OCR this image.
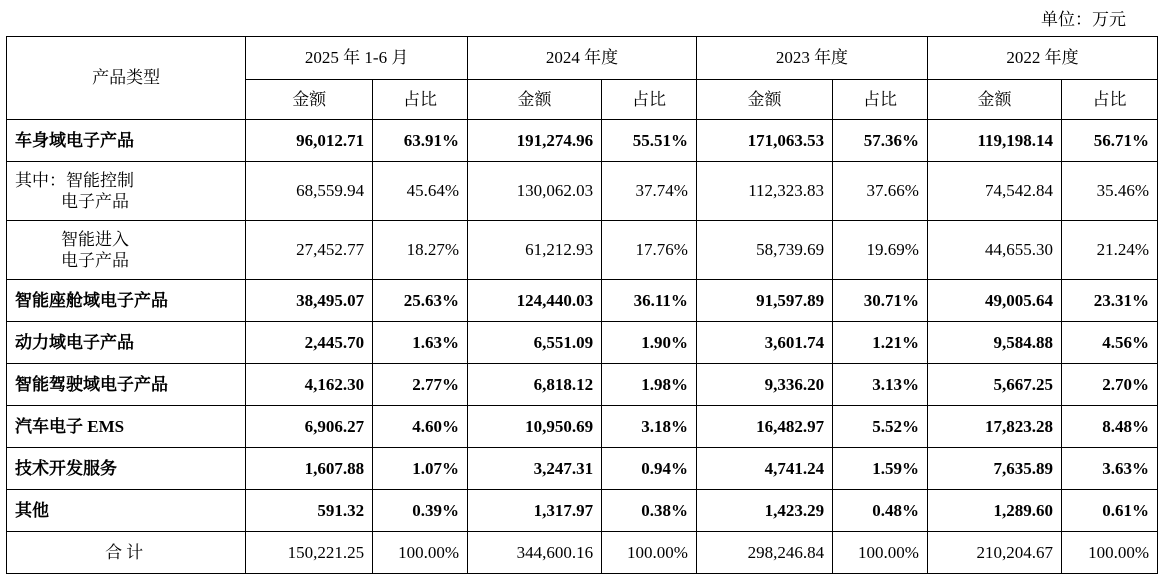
单位：万元
产品类型	2025 年 1-6 月		2024 年度		2023 年度		2022 年度	
	金额	占比	金额	占比	金额	占比	金额	占比
车身域电子产品	96,012.71	63.91%	191,274.96	55.51%	171,063.53	57.36%	119,198.14	56.71%

其中：智能控制
电子产品	68,559.94	45.64%	130,062.03	37.74%	112,323.83	37.66%	74,542.84	35.46%

智能进入
电子产品	27,452.77	18.27%	61,212.93	17.76%	58,739.69	19.69%	44,655.30	21.24%
智能座舱域电子产品	38,495.07	25.63%	124,440.03	36.11%	91,597.89	30.71%	49,005.64	23.31%
动力域电子产品	2,445.70	1.63%	6,551.09	1.90%	3,601.74	1.21%	9,584.88	4.56%
智能驾驶域电子产品	4,162.30	2.77%	6,818.12	1.98%	9,336.20	3.13%	5,667.25	2.70%
汽车电子 EMS	6,906.27	4.60%	10,950.69	3.18%	16,482.97	5.52%	17,823.28	8.48%
技术开发服务	1,607.88	1.07%	3,247.31	0.94%	4,741.24	1.59%	7,635.89	3.63%
其他	591.32	0.39%	1,317.97	0.38%	1,423.29	0.48%	1,289.60	0.61%
合计	150,221.25	100.00%	344,600.16	100.00%	298,246.84	100.00%	210,204.67	100.00%
